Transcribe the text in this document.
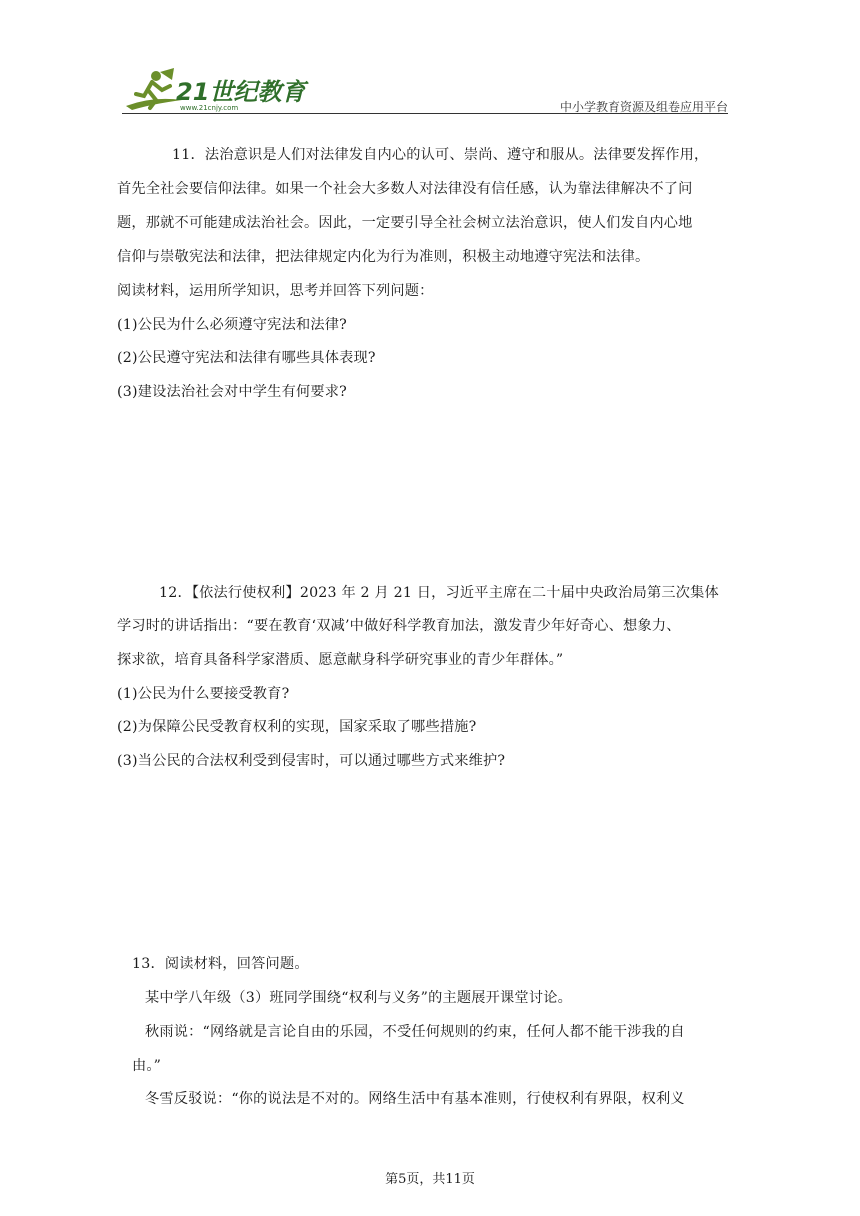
21世纪教育
www.21cnjy.com	中小学教育资源及组卷应用平台
11．法治意识是人们对法律发自内心的认可、崇尚、遵守和服从。法律要发挥作用，
首先全社会要信仰法律。如果一个社会大多数人对法律没有信任感，认为靠法律解决不了问
题，那就不可能建成法治社会。因此，一定要引导全社会树立法治意识，使人们发自内心地
信仰与崇敬宪法和法律，把法律规定内化为行为准则，积极主动地遵守宪法和法律。
阅读材料，运用所学知识，思考并回答下列问题：
(1)公民为什么必须遵守宪法和法律?
(2)公民遵守宪法和法律有哪些具体表现?
(3)建设法治社会对中学生有何要求?
12．【依法行使权利】2023 年 2 月 21 日，习近平主席在二十届中央政治局第三次集体
学习时的讲话指出：“要在教育‘双减’中做好科学教育加法，激发青少年好奇心、想象力、
探求欲，培育具备科学家潜质、愿意献身科学研究事业的青少年群体。”
(1)公民为什么要接受教育?
(2)为保障公民受教育权利的实现，国家采取了哪些措施?
(3)当公民的合法权利受到侵害时，可以通过哪些方式来维护?
13．阅读材料，回答问题。
某中学八年级（3）班同学围绕“权利与义务”的主题展开课堂讨论。
秋雨说：“网络就是言论自由的乐园，不受任何规则的约束，任何人都不能干涉我的自
由。”
冬雪反驳说：“你的说法是不对的。网络生活中有基本准则，行使权利有界限，权利义
第5页，共11页
